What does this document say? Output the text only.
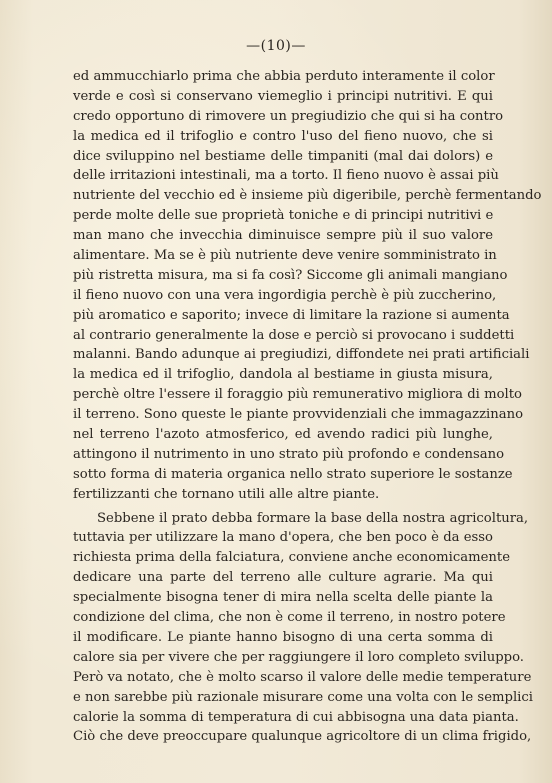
—(10)—
ed ammucchiarlo prima che abbia perduto interamente il color
verde e così si conservano viemeglio i principi nutritivi. E qui
credo opportuno di rimovere un pregiudizio che qui si ha contro
la medica ed il trifoglio e contro l'uso del fieno nuovo, che si
dice sviluppino nel bestiame delle timpaniti (mal dai dolors) e
delle irritazioni intestinali, ma a torto. Il fieno nuovo è assai più
nutriente del vecchio ed è insieme più digeribile, perchè fermentando
perde molte delle sue proprietà toniche e di principi nutritivi e
man mano che invecchia diminuisce sempre più il suo valore
alimentare. Ma se è più nutriente deve venire somministrato in
più ristretta misura, ma si fa così? Siccome gli animali mangiano
il fieno nuovo con una vera ingordigia perchè è più zuccherino,
più aromatico e saporito; invece di limitare la razione si aumenta
al contrario generalmente la dose e perciò si provocano i suddetti
malanni. Bando adunque ai pregiudizi, diffondete nei prati artificiali
la medica ed il trifoglio, dandola al bestiame in giusta misura,
perchè oltre l'essere il foraggio più remunerativo migliora di molto
il terreno. Sono queste le piante provvidenziali che immagazzinano
nel terreno l'azoto atmosferico, ed avendo radici più lunghe,
attingono il nutrimento in uno strato più profondo e condensano
sotto forma di materia organica nello strato superiore le sostanze
fertilizzanti che tornano utili alle altre piante.
Sebbene il prato debba formare la base della nostra agricoltura,
tuttavia per utilizzare la mano d'opera, che ben poco è da esso
richiesta prima della falciatura, conviene anche economicamente
dedicare una parte del terreno alle culture agrarie. Ma qui
specialmente bisogna tener di mira nella scelta delle piante la
condizione del clima, che non è come il terreno, in nostro potere
il modificare. Le piante hanno bisogno di una certa somma di
calore sia per vivere che per raggiungere il loro completo sviluppo.
Però va notato, che è molto scarso il valore delle medie temperature
e non sarebbe più razionale misurare come una volta con le semplici
calorie la somma di temperatura di cui abbisogna una data pianta.
Ciò che deve preoccupare qualunque agricoltore di un clima frigido,
